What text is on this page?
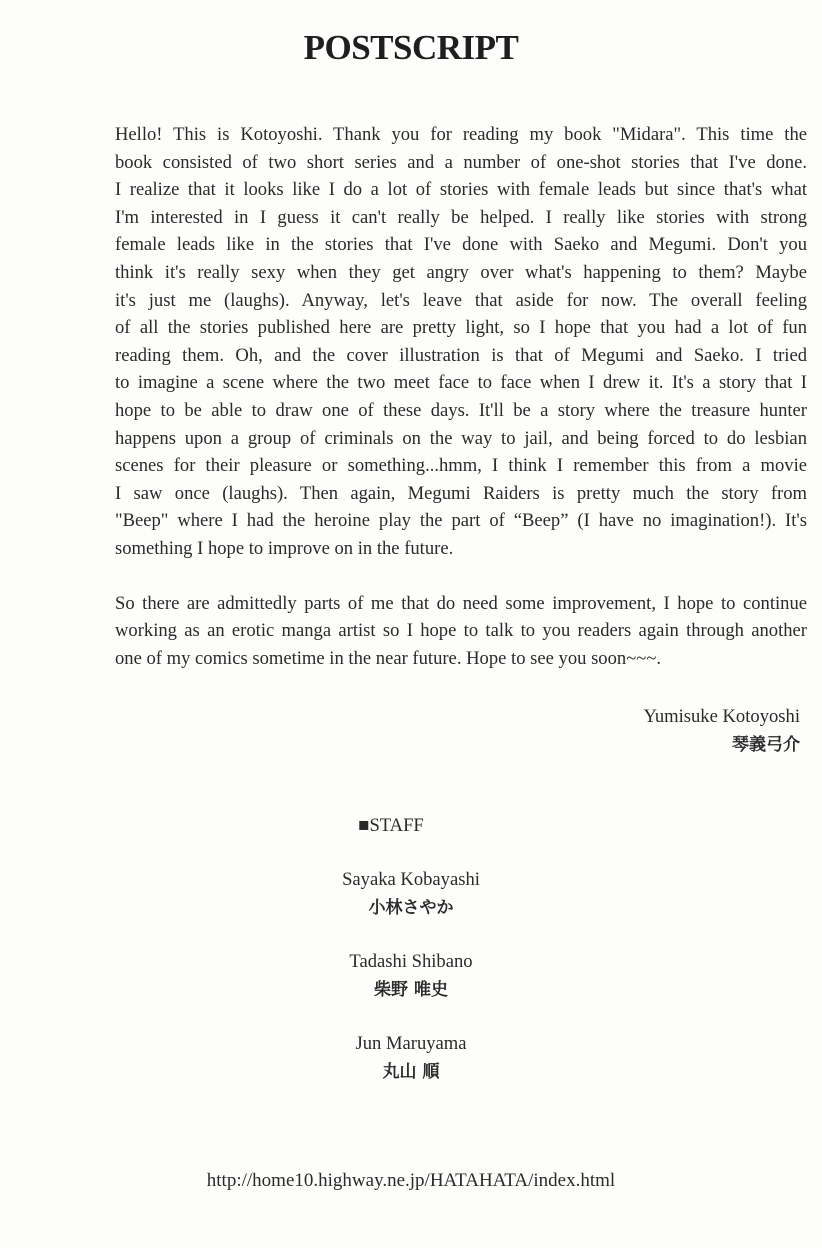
POSTSCRIPT
Hello! This is Kotoyoshi. Thank you for reading my book "Midara". This time the
book consisted of two short series and a number of one-shot stories that I've done.
I realize that it looks like I do a lot of stories with female leads but since that's what
I'm interested in I guess it can't really be helped. I really like stories with strong
female leads like in the stories that I've done with Saeko and Megumi. Don't you
think it's really sexy when they get angry over what's happening to them? Maybe
it's just me (laughs). Anyway, let's leave that aside for now. The overall feeling
of all the stories published here are pretty light, so I hope that you had a lot of fun
reading them. Oh, and the cover illustration is that of Megumi and Saeko. I tried
to imagine a scene where the two meet face to face when I drew it. It's a story that I
hope to be able to draw one of these days. It'll be a story where the treasure hunter
happens upon a group of criminals on the way to jail, and being forced to do lesbian
scenes for their pleasure or something...hmm, I think I remember this from a movie
I saw once (laughs). Then again, Megumi Raiders is pretty much the story from
"Beep" where I had the heroine play the part of “Beep” (I have no imagination!). It's
something I hope to improve on in the future.
So there are admittedly parts of me that do need some improvement, I hope to continue
working as an erotic manga artist so I hope to talk to you readers again through another
one of my comics sometime in the near future. Hope to see you soon~~~.
Yumisuke Kotoyoshi
琴義弓介
■STAFF
Sayaka Kobayashi
小林さやか
Tadashi Shibano
柴野 唯史
Jun Maruyama
丸山 順
http://home10.highway.ne.jp/HATAHATA/index.html
